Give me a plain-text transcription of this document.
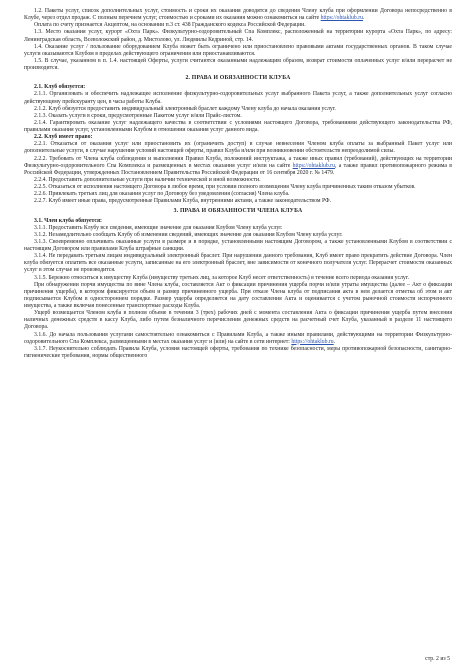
1.2. Пакеты услуг, список дополнительных услуг, стоимость и сроки их оказания доводятся до сведения Члену клуба при оформлении Договора непосредственно в Клубе, через отдел продаж. С полным перечнем услуг, стоимостью и сроками их оказания можно ознакомиться на сайте https://ohtaklub.ru.

Оплата по счету признается Акцептом, на основании п.3 ст. 438 Гражданского кодекса Российской Федерации.

1.3. Место оказания услуг, курорт «Охта Парк». Физкультурно-оздоровительный Спа Комплекс, расположенный на территории курорта «Охта Парк», по адресу: Ленинградская область, Всеволожский район, д. Мистолово, ул. Людмилы Кедриной, стр. 14.

1.4. Оказание услуг / пользование оборудованием Клуба может быть ограничено или приостановлено правовыми актами государственных органов. В таком случае услуги оказываются Клубом в пределах действующего ограничения или приостанавливаются.

1.5. В случае, указанном в п. 1.4. настоящей Оферты, услуги считаются оказанными надлежащим образом, возврат стоимости оплаченных услуг и/или перерасчет не производится.

2. ПРАВА И ОБЯЗАННОСТИ КЛУБА

2.1. Клуб обязуется:

2.1.1. Организовать и обеспечить надлежащее исполнение физкультурно-оздоровительных услуг выбранного Пакета услуг, а также дополнительных услуг согласно действующему прейскуранту цен, в часы работы Клуба.

2.1.2. Клуб обязуется предоставить индивидуальный электронный браслет каждому Члену клуба до начала оказания услуг.

2.1.3. Оказать услуги в сроки, предусмотренные Пакетом услуг и/или Прайс-листом.

2.1.4. Гарантировать оказание услуг надлежащего качества в соответствии с условиями настоящего Договора, требованиями действующего законодательства РФ, правилами оказания услуг, установленными Клубом в отношении оказания услуг данного вида.

2.2. Клуб имеет право:

2.2.1. Отказаться от оказания услуг или приостановить их (ограничить доступ) в случае невнесения Членом клуба оплаты за выбранный Пакет услуг или дополнительные услуги, в случае нарушения условий настоящей оферты, правил Клуба и/или при возникновении обстоятельств непреодолимой силы.

2.2.2. Требовать от Члена клуба соблюдения и выполнения Правил Клуба, положений инструктажа, а также иных правил (требований), действующих на территории Физкультурно-оздоровительного Спа Комплекса и размещенных в местах оказания услуг и/или на сайте https://ohtaklub.ru, а также правил противопожарного режима в Российской Федерации, утвержденных Постановлением Правительства Российской Федерации от 16 сентября 2020 г. № 1479.

2.2.4. Предоставить дополнительные услуги при наличии технической и иной возможности.

2.2.5. Отказаться от исполнения настоящего Договора в любое время, при условии полного возмещения Члену клуба причиненных таким отказом убытков.

2.2.6. Привлекать третьих лиц для оказания услуг по Договору без уведомления (согласия) Члена клуба.

2.2.7. Клуб имеет иные права, предусмотренные Правилами Клуба, внутренними актами, а также законодательством РФ.

3. ПРАВА И ОБЯЗАННОСТИ ЧЛЕНА КЛУБА

3.1. Член клуба обязуется:

3.1.1. Предоставить Клубу все сведения, имеющие значение для оказания Клубом Члену клуба услуг.

3.1.2. Незамедлительно сообщать Клубу об изменении сведений, имеющих значение для оказания Клубом Члену клуба услуг.

3.1.3. Своевременно оплачивать оказанные услуги в размере и в порядке, установленными настоящим Договором, а также установленными Клубом в соответствии с настоящим Договором или правилами Клуба штрафные санкции.

3.1.4. Не передавать третьим лицам индивидуальный электронный браслет. При нарушении данного требования, Клуб имеет право прекратить действие Договора. Член клуба обязуется оплатить все оказанные услуги, записанные на его электронный браслет, вне зависимости от конечного получателя услуг. Перерасчет стоимости оказанных услуг в этом случае не производится.

3.1.5. Бережно относиться к имуществу Клуба (имуществу третьих лиц, за которое Клуб несет ответственность) в течение всего периода оказания услуг.

При обнаружении порчи имущества по вине Члена клуба, составляется Акт о фиксации причинения ущерба порчи и/или утраты имущества (далее – Акт о фиксации причинения ущерба), в котором фиксируется объем и размер причиненного ущерба. При отказе Члена клуба от подписания акта в нем делается отметка об этом и акт подписывается Клубом в одностороннем порядке. Размер ущерба определяется на дату составления Акта и оценивается с учетом рыночной стоимости испорченного имущества, а также включая понесенные транспортные расходы Клуба.

Ущерб возмещается Членом клуба в полном объеме в течении 3 (трех) рабочих дней с момента составления Акта о фиксации причинения ущерба путем внесения наличных денежных средств в кассу Клуба, либо путем безналичного перечисления денежных средств на расчетный счет Клуба, указанный в разделе 11 настоящего Договора.

3.1.6. До начала пользования услугами самостоятельно ознакомиться с Правилами Клуба, а также иными правилами, действующими на территории Физкультурно-оздоровительного Спа Комплекса, размещенными в местах оказания услуг и (или) на сайте в сети интернет: https://ohtaklub.ru.

3.1.7. Неукоснительно соблюдать Правила Клуба, условия настоящей оферты, требования по технике безопасности, меры противопожарной безопасности, санитарно-гигиенические требования, нормы общественного

стр. 2 из 5
